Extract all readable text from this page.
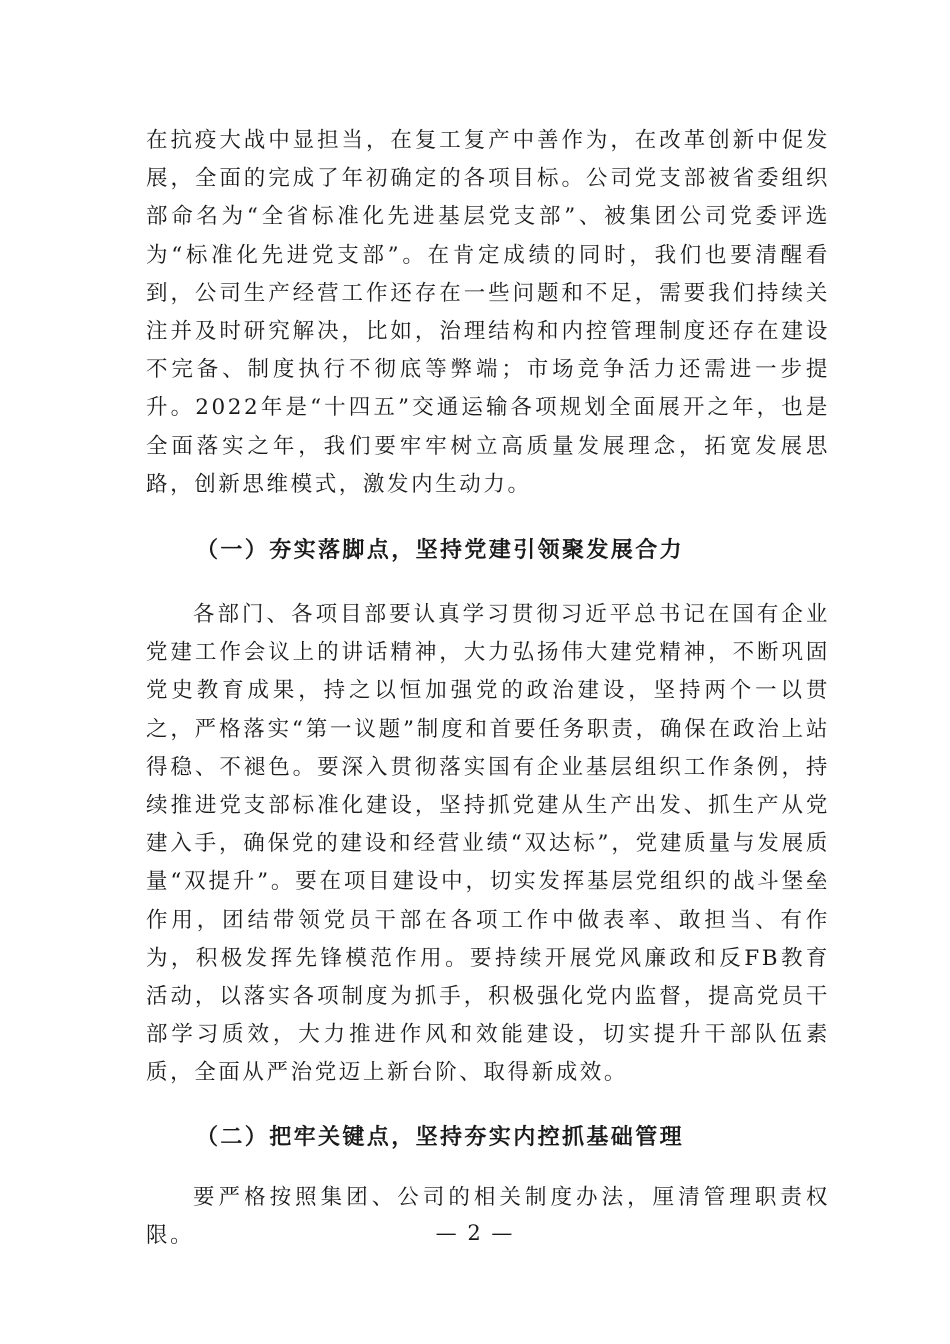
在抗疫大战中显担当，在复工复产中善作为，在改革创新中促发展，全面的完成了年初确定的各项目标。公司党支部被省委组织部命名为“全省标准化先进基层党支部”、被集团公司党委评选为“标准化先进党支部”。在肯定成绩的同时，我们也要清醒看到，公司生产经营工作还存在一些问题和不足，需要我们持续关注并及时研究解决，比如，治理结构和内控管理制度还存在建设不完备、制度执行不彻底等弊端；市场竞争活力还需进一步提升。2022年是“十四五”交通运输各项规划全面展开之年，也是全面落实之年，我们要牢牢树立高质量发展理念，拓宽发展思路，创新思维模式，激发内生动力。

（一）夯实落脚点，坚持党建引领聚发展合力

各部门、各项目部要认真学习贯彻习近平总书记在国有企业党建工作会议上的讲话精神，大力弘扬伟大建党精神，不断巩固党史教育成果，持之以恒加强党的政治建设，坚持两个一以贯之，严格落实“第一议题”制度和首要任务职责，确保在政治上站得稳、不褪色。要深入贯彻落实国有企业基层组织工作条例，持续推进党支部标准化建设，坚持抓党建从生产出发、抓生产从党建入手，确保党的建设和经营业绩“双达标”，党建质量与发展质量“双提升”。要在项目建设中，切实发挥基层党组织的战斗堡垒作用，团结带领党员干部在各项工作中做表率、敢担当、有作为，积极发挥先锋模范作用。要持续开展党风廉政和反FB教育活动，以落实各项制度为抓手，积极强化党内监督，提高党员干部学习质效，大力推进作风和效能建设，切实提升干部队伍素质，全面从严治党迈上新台阶、取得新成效。

（二）把牢关键点，坚持夯实内控抓基础管理

要严格按照集团、公司的相关制度办法，厘清管理职责权限。	— 2 —
